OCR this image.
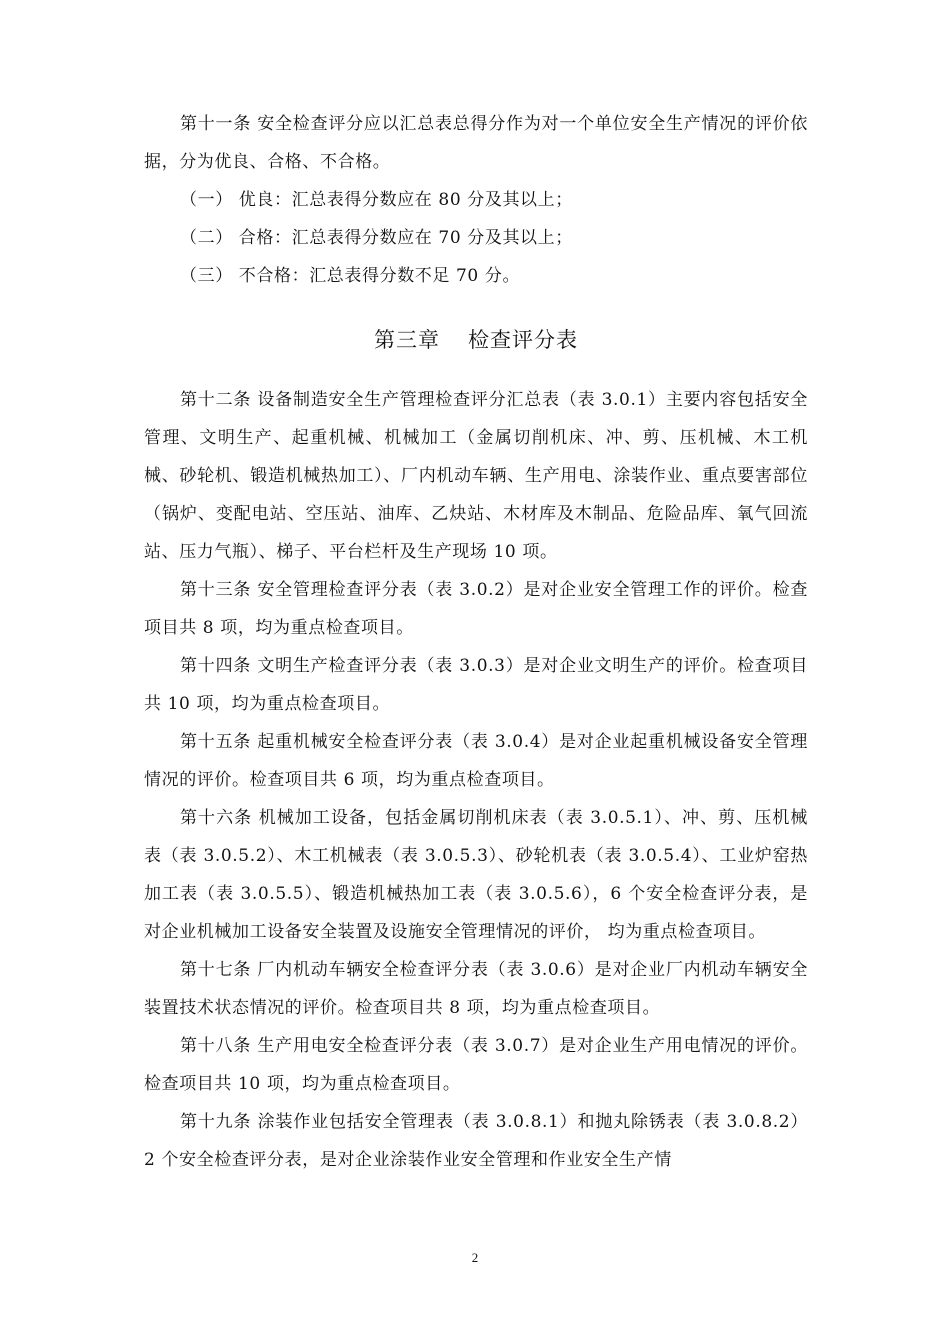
第十一条 安全检查评分应以汇总表总得分作为对一个单位安全生产情况的评价依据，分为优良、合格、不合格。

（一） 优良：汇总表得分数应在 80 分及其以上；

（二） 合格：汇总表得分数应在 70 分及其以上；

（三） 不合格：汇总表得分数不足 70 分。

第三章 检查评分表

第十二条 设备制造安全生产管理检查评分汇总表（表 3.0.1）主要内容包括安全管理、文明生产、起重机械、机械加工（金属切削机床、冲、剪、压机械、木工机械、砂轮机、锻造机械热加工）、厂内机动车辆、生产用电、涂装作业、重点要害部位（锅炉、变配电站、空压站、油库、乙炔站、木材库及木制品、危险品库、氧气回流站、压力气瓶）、梯子、平台栏杆及生产现场 10 项。

第十三条 安全管理检查评分表（表 3.0.2）是对企业安全管理工作的评价。检查项目共 8 项，均为重点检查项目。

第十四条 文明生产检查评分表（表 3.0.3）是对企业文明生产的评价。检查项目共 10 项，均为重点检查项目。

第十五条 起重机械安全检查评分表（表 3.0.4）是对企业起重机械设备安全管理情况的评价。检查项目共 6 项，均为重点检查项目。

第十六条 机械加工设备，包括金属切削机床表（表 3.0.5.1）、冲、剪、压机械表（表 3.0.5.2）、木工机械表（表 3.0.5.3）、砂轮机表（表 3.0.5.4）、工业炉窑热加工表（表 3.0.5.5）、锻造机械热加工表（表 3.0.5.6），6 个安全检查评分表，是对企业机械加工设备安全装置及设施安全管理情况的评价， 均为重点检查项目。

第十七条 厂内机动车辆安全检查评分表（表 3.0.6）是对企业厂内机动车辆安全装置技术状态情况的评价。检查项目共 8 项，均为重点检查项目。

第十八条 生产用电安全检查评分表（表 3.0.7）是对企业生产用电情况的评价。检查项目共 10 项，均为重点检查项目。

第十九条 涂装作业包括安全管理表（表 3.0.8.1）和抛丸除锈表（表 3.0.8.2）2 个安全检查评分表，是对企业涂装作业安全管理和作业安全生产情

2
